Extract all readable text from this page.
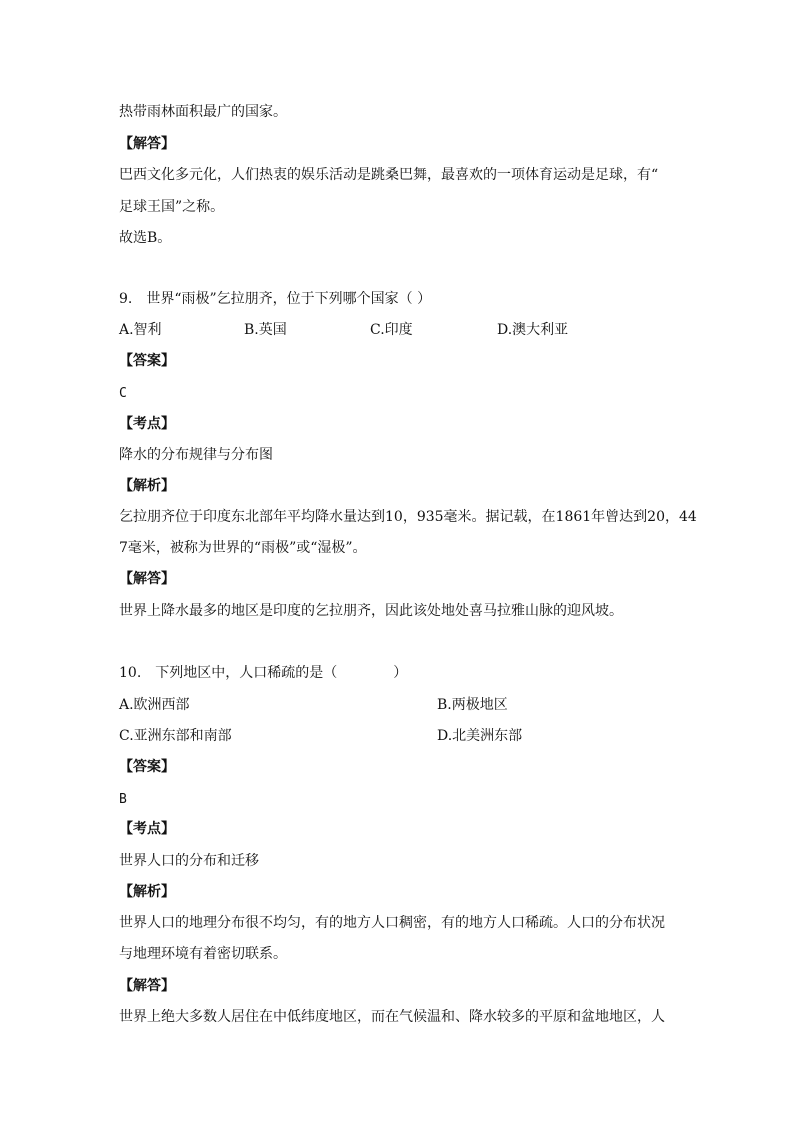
热带雨林面积最广的国家。
【解答】
巴西文化多元化，人们热衷的娱乐活动是跳桑巴舞，最喜欢的一项体育运动是足球，有“
足球王国”之称。
故选B。
9.　世界“雨极”乞拉朋齐，位于下列哪个国家（ ）
A.智利	B.英国	C.印度	D.澳大利亚
【答案】
C
【考点】
降水的分布规律与分布图
【解析】
乞拉朋齐位于印度东北部年平均降水量达到10，935毫米。据记载，在1861年曾达到20，44
7毫米，被称为世界的“雨极”或“湿极”。
【解答】
世界上降水最多的地区是印度的乞拉朋齐，因此该处地处喜马拉雅山脉的迎风坡。
10.　下列地区中，人口稀疏的是（　　　　）
A.欧洲西部	B.两极地区
C.亚洲东部和南部	D.北美洲东部
【答案】
B
【考点】
世界人口的分布和迁移
【解析】
世界人口的地理分布很不均匀，有的地方人口稠密，有的地方人口稀疏。人口的分布状况
与地理环境有着密切联系。
【解答】
世界上绝大多数人居住在中低纬度地区，而在气候温和、降水较多的平原和盆地地区，人
